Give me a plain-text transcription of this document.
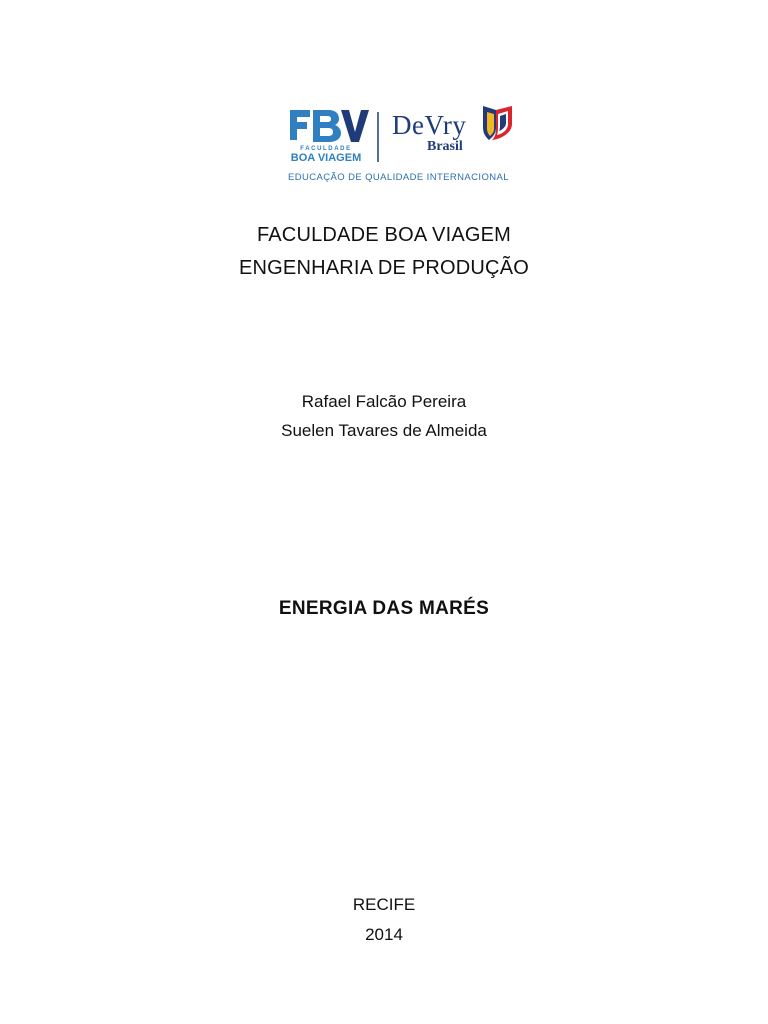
FACULDADE
BOA VIAGEM
DeVry
Brasil
EDUCAÇÃO DE QUALIDADE INTERNACIONAL
FACULDADE BOA VIAGEM
ENGENHARIA DE PRODUÇÃO
Rafael Falcão Pereira
Suelen Tavares de Almeida
ENERGIA DAS MARÉS
RECIFE
2014
